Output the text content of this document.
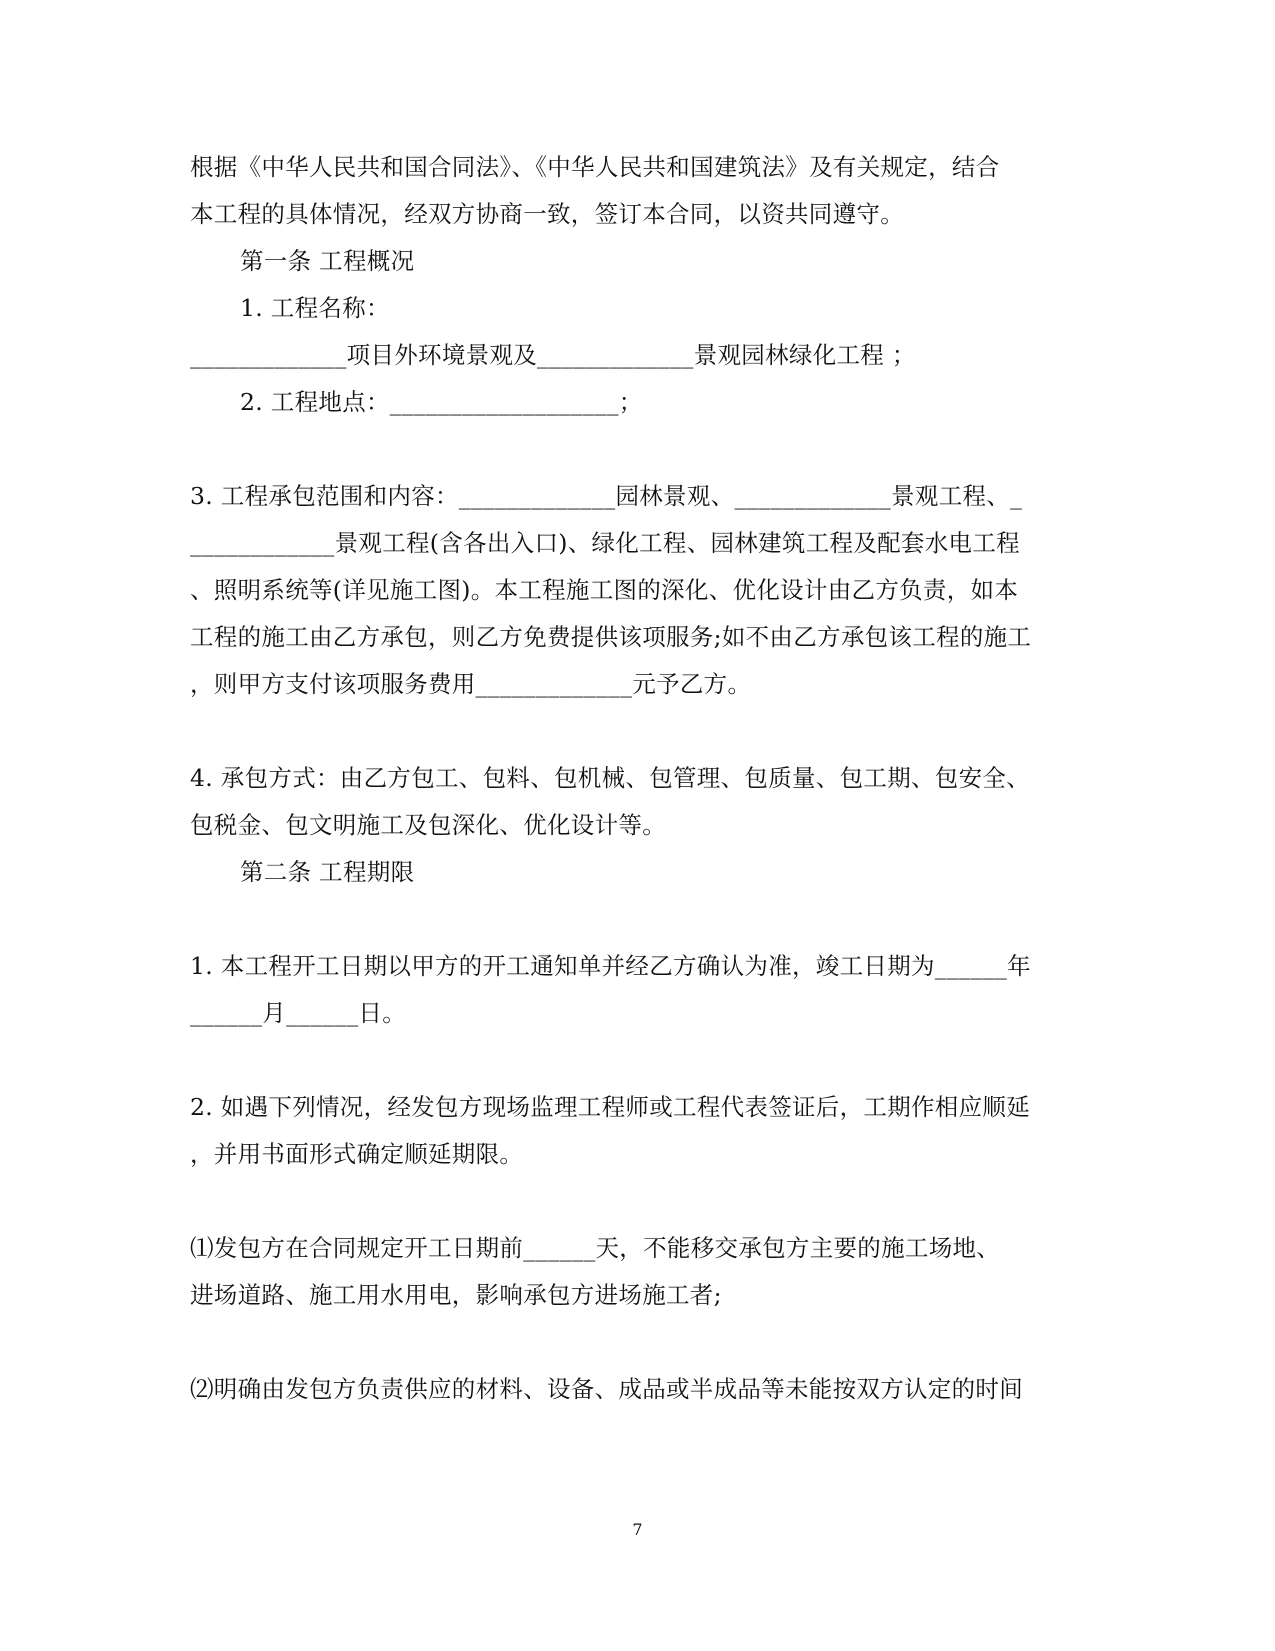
根据《中华人民共和国合同法》、《中华人民共和国建筑法》及有关规定，结合
本工程的具体情况，经双方协商一致，签订本合同，以资共同遵守。
第一条 工程概况
1. 工程名称：
_____________项目外环境景观及_____________景观园林绿化工程 ；
2. 工程地点：___________________；
3. 工程承包范围和内容：_____________园林景观、_____________景观工程、_
____________景观工程(含各出入口)、绿化工程、园林建筑工程及配套水电工程
、照明系统等(详见施工图)。本工程施工图的深化、优化设计由乙方负责，如本
工程的施工由乙方承包，则乙方免费提供该项服务;如不由乙方承包该工程的施工
，则甲方支付该项服务费用_____________元予乙方。
4. 承包方式：由乙方包工、包料、包机械、包管理、包质量、包工期、包安全、
包税金、包文明施工及包深化、优化设计等。
第二条 工程期限
1. 本工程开工日期以甲方的开工通知单并经乙方确认为准，竣工日期为______年
______月______日。
2. 如遇下列情况，经发包方现场监理工程师或工程代表签证后，工期作相应顺延
，并用书面形式确定顺延期限。
⑴发包方在合同规定开工日期前______天，不能移交承包方主要的施工场地、
进场道路、施工用水用电，影响承包方进场施工者;
⑵明确由发包方负责供应的材料、设备、成品或半成品等未能按双方认定的时间
7
